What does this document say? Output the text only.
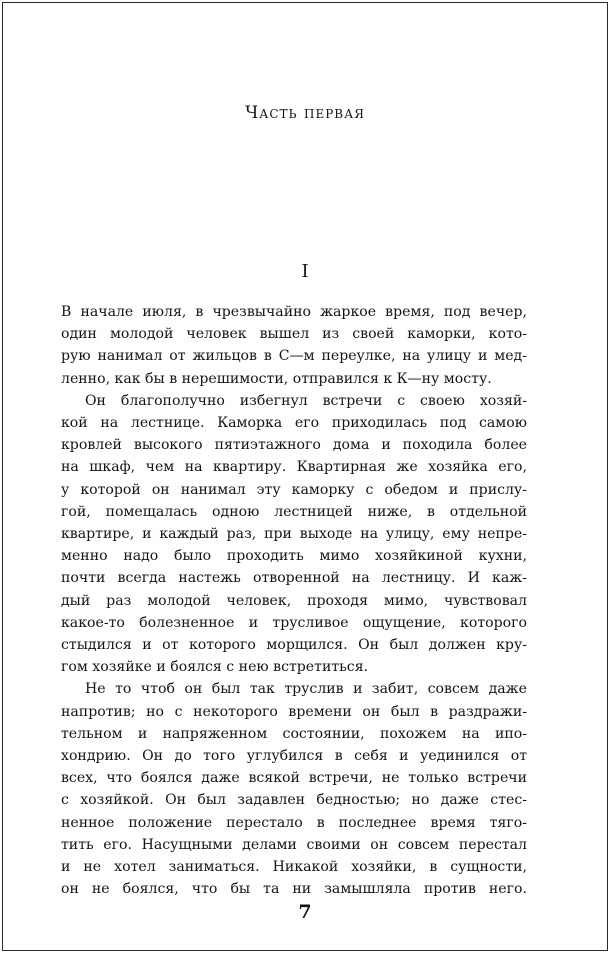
Часть первая
I
В начале июля, в чрезвычайно жаркое время, под вечер,
один молодой человек вышел из своей каморки, кото-
рую нанимал от жильцов в С—м переулке, на улицу и мед-
ленно, как бы в нерешимости, отправился к К—ну мосту.
Он благополучно избегнул встречи с своею хозяй-
кой на лестнице. Каморка его приходилась под самою
кровлей высокого пятиэтажного дома и походила более
на шкаф, чем на квартиру. Квартирная же хозяйка его,
у которой он нанимал эту каморку с обедом и прислу-
гой, помещалась одною лестницей ниже, в отдельной
квартире, и каждый раз, при выходе на улицу, ему непре-
менно надо было проходить мимо хозяйкиной кухни,
почти всегда настежь отворенной на лестницу. И каж-
дый раз молодой человек, проходя мимо, чувствовал
какое-то болезненное и трусливое ощущение, которого
стыдился и от которого морщился. Он был должен кру-
гом хозяйке и боялся с нею встретиться.
Не то чтоб он был так труслив и забит, совсем даже
напротив; но с некоторого времени он был в раздражи-
тельном и напряженном состоянии, похожем на ипо-
хондрию. Он до того углубился в себя и уединился от
всех, что боялся даже всякой встречи, не только встречи
с хозяйкой. Он был задавлен бедностью; но даже стес-
ненное положение перестало в последнее время тяго-
тить его. Насущными делами своими он совсем перестал
и не хотел заниматься. Никакой хозяйки, в сущности,
он не боялся, что бы та ни замышляла против него.
7
